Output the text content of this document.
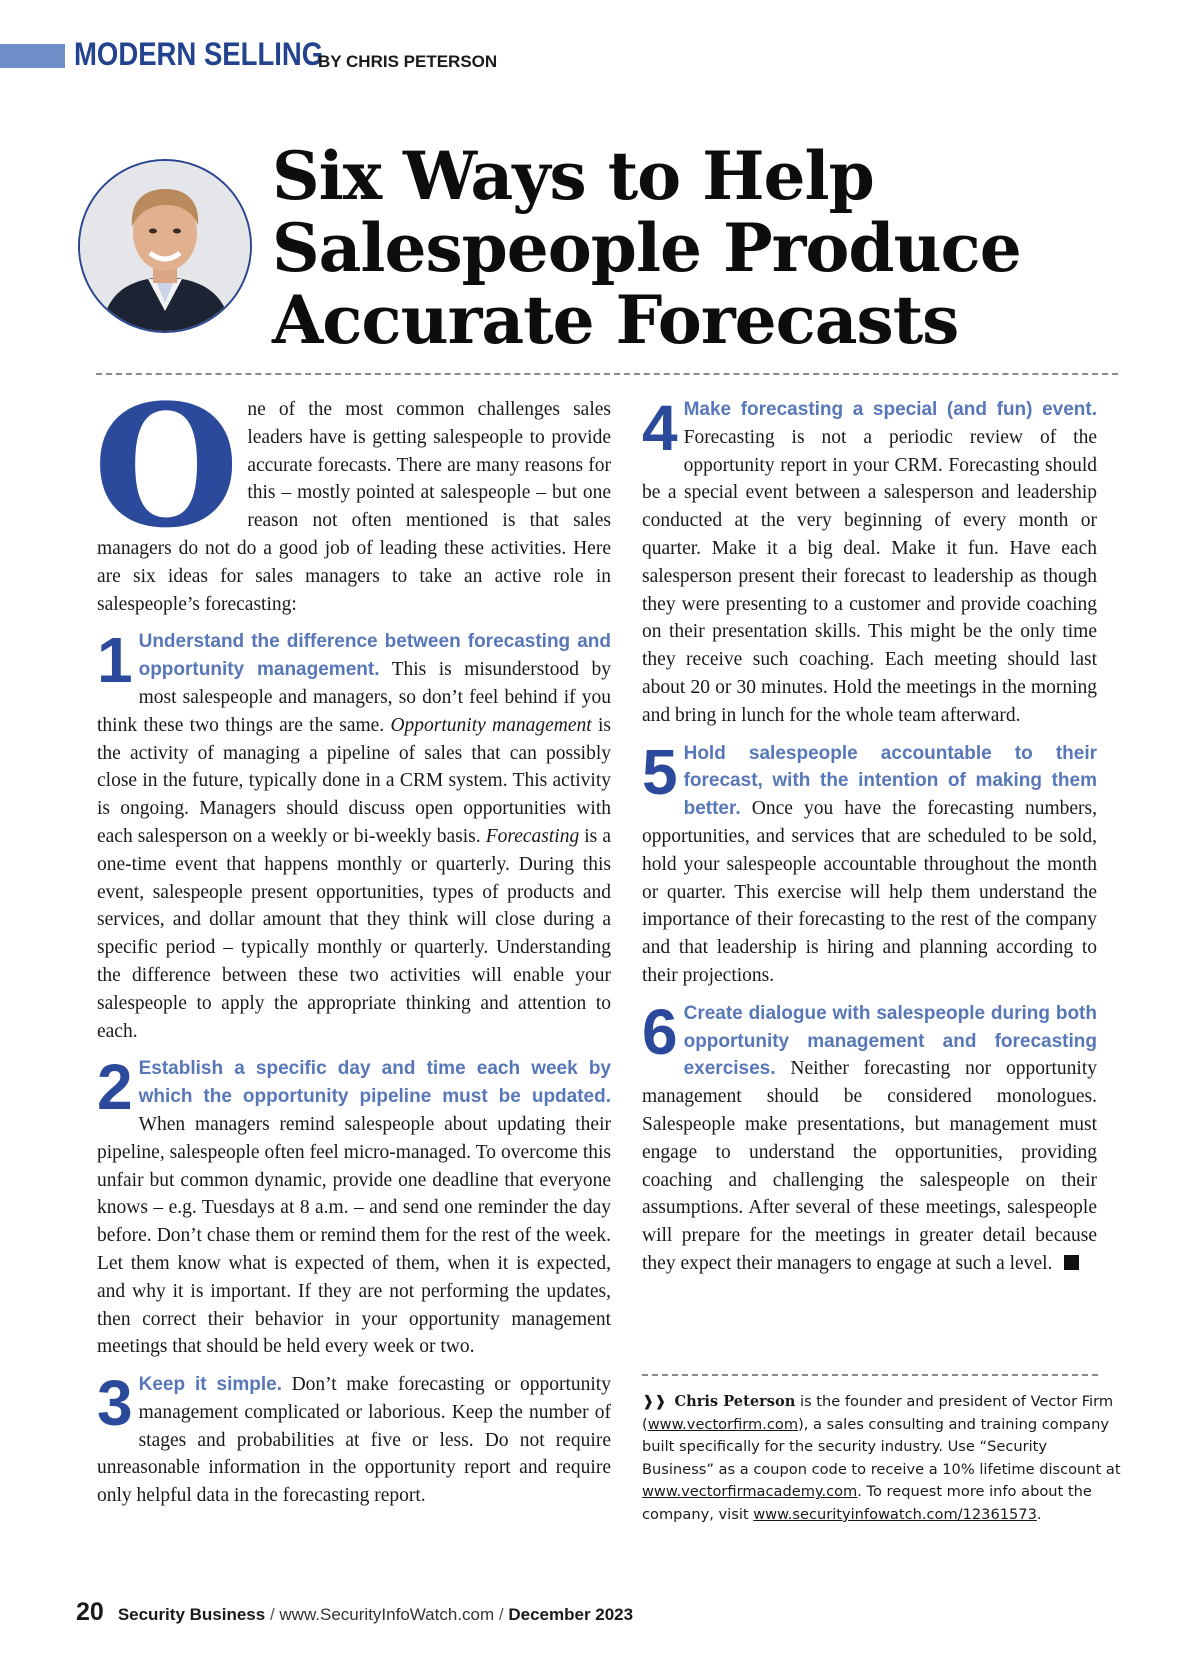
MODERN SELLING
BY CHRIS PETERSON
Six Ways to Help
Salespeople Produce
Accurate Forecasts

One of the most common challenges sales leaders have is getting salespeople to provide accurate forecasts. There are many reasons for this – mostly pointed at salespeople – but one reason not often mentioned is that sales managers do not do a good job of leading these activities. Here are six ideas for sales managers to take an active role in salespeople’s forecasting:

1 Understand the difference between forecasting and opportunity management. This is misunderstood by most salespeople and managers, so don’t feel behind if you think these two things are the same. Opportunity management is the activity of managing a pipeline of sales that can possibly close in the future, typically done in a CRM system. This activity is ongoing. Managers should discuss open opportunities with each salesperson on a weekly or bi-weekly basis. Forecasting is a one-time event that happens monthly or quarterly. During this event, salespeople present opportunities, types of products and services, and dollar amount that they think will close during a specific period – typically monthly or quarterly. Understanding the difference between these two activities will enable your salespeople to apply the appropriate thinking and attention to each.

2 Establish a specific day and time each week by which the opportunity pipeline must be updated. When managers remind salespeople about updating their pipeline, salespeople often feel micro-managed. To overcome this unfair but common dynamic, provide one deadline that everyone knows – e.g. Tuesdays at 8 a.m. – and send one reminder the day before. Don’t chase them or remind them for the rest of the week. Let them know what is expected of them, when it is expected, and why it is important. If they are not performing the updates, then correct their behavior in your opportunity management meetings that should be held every week or two.

3 Keep it simple. Don’t make forecasting or opportunity management complicated or laborious. Keep the number of stages and probabilities at five or less. Do not require unreasonable information in the opportunity report and require only helpful data in the forecasting report.

4 Make forecasting a special (and fun) event. Forecasting is not a periodic review of the opportunity report in your CRM. Forecasting should be a special event between a salesperson and leadership conducted at the very beginning of every month or quarter. Make it a big deal. Make it fun. Have each salesperson present their forecast to leadership as though they were presenting to a customer and provide coaching on their presentation skills. This might be the only time they receive such coaching. Each meeting should last about 20 or 30 minutes. Hold the meetings in the morning and bring in lunch for the whole team afterward.

5 Hold salespeople accountable to their forecast, with the intention of making them better. Once you have the forecasting numbers, opportunities, and services that are scheduled to be sold, hold your salespeople accountable throughout the month or quarter. This exercise will help them understand the importance of their forecasting to the rest of the company and that leadership is hiring and planning according to their projections.

6 Create dialogue with salespeople during both opportunity management and forecasting exercises. Neither forecasting nor opportunity management should be considered monologues. Salespeople make presentations, but management must engage to understand the opportunities, providing coaching and challenging the salespeople on their assumptions. After several of these meetings, salespeople will prepare for the meetings in greater detail because they expect their managers to engage at such a level.

❱❱ Chris Peterson is the founder and president of Vector Firm (www.vectorfirm.com), a sales consulting and training company built specifically for the security industry. Use “Security Business” as a coupon code to receive a 10% lifetime discount at www.vectorfirmacademy.com. To request more info about the company, visit www.securityinfowatch.com/12361573.
20 Security Business / www.SecurityInfoWatch.com / December 2023
